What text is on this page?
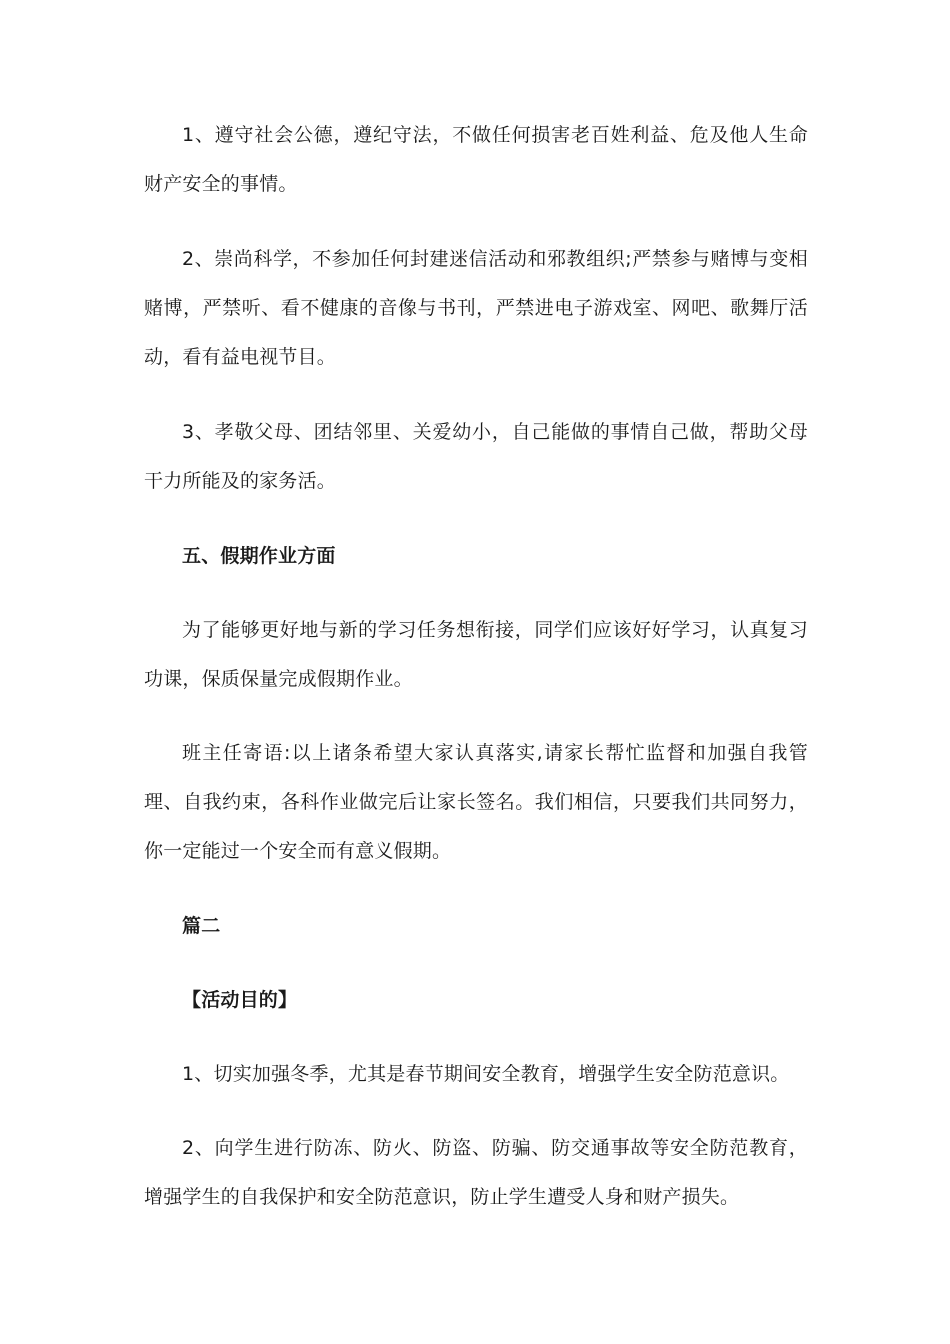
1、遵守社会公德，遵纪守法，不做任何损害老百姓利益、危及他人生命财产安全的事情。

2、崇尚科学，不参加任何封建迷信活动和邪教组织;严禁参与赌博与变相赌博，严禁听、看不健康的音像与书刊，严禁进电子游戏室、网吧、歌舞厅活动，看有益电视节目。

3、孝敬父母、团结邻里、关爱幼小，自己能做的事情自己做，帮助父母干力所能及的家务活。

五、假期作业方面

为了能够更好地与新的学习任务想衔接，同学们应该好好学习，认真复习功课，保质保量完成假期作业。

班主任寄语:以上诸条希望大家认真落实,请家长帮忙监督和加强自我管理、自我约束，各科作业做完后让家长签名。我们相信，只要我们共同努力，你一定能过一个安全而有意义假期。

篇二

【活动目的】

1、切实加强冬季，尤其是春节期间安全教育，增强学生安全防范意识。

2、向学生进行防冻、防火、防盗、防骗、防交通事故等安全防范教育，增强学生的自我保护和安全防范意识，防止学生遭受人身和财产损失。
